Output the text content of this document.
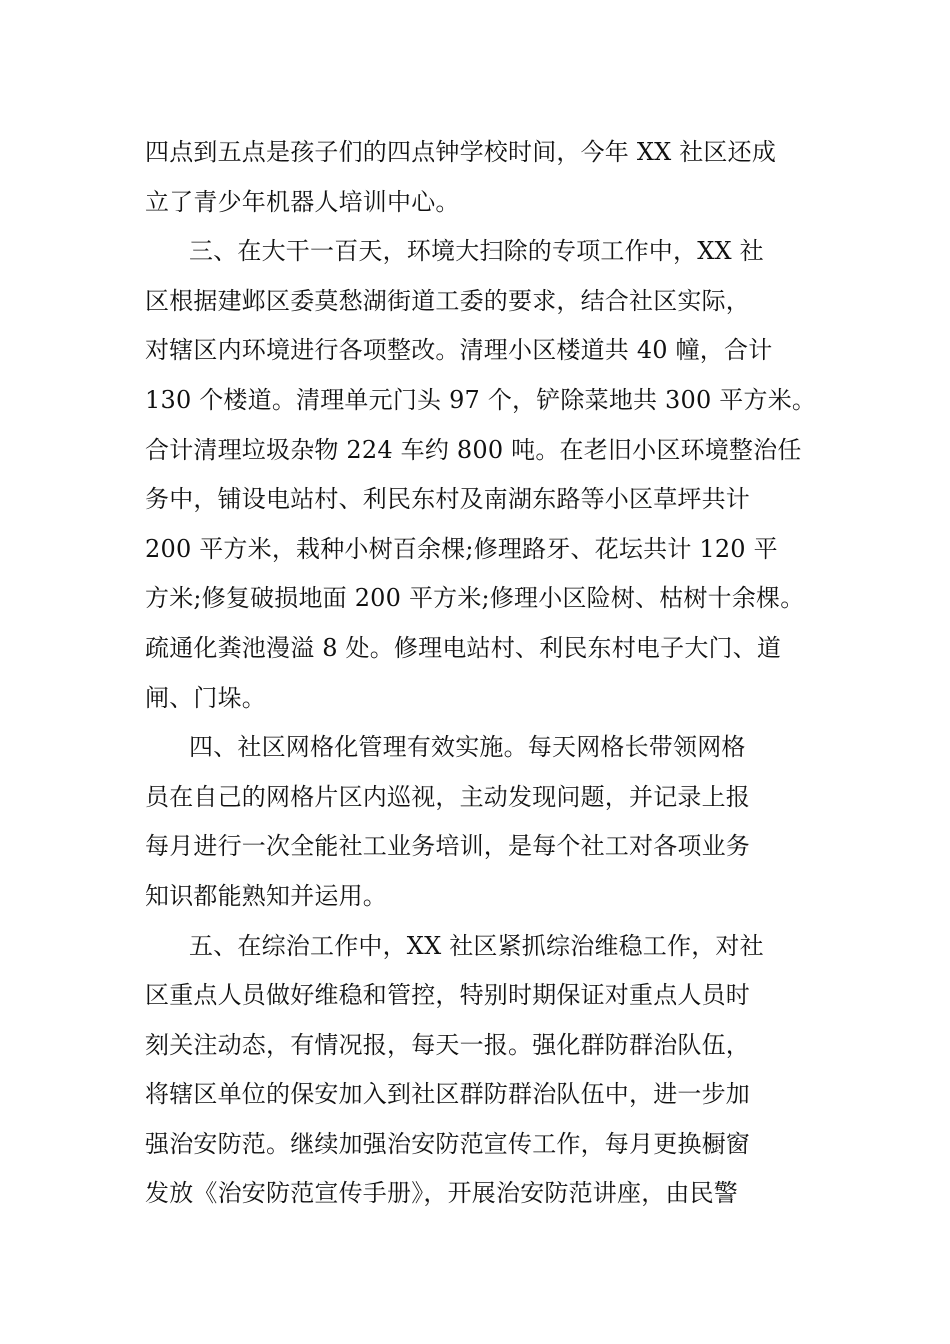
四点到五点是孩子们的四点钟学校时间，今年 XX 社区还成
立了青少年机器人培训中心。
三、在大干一百天，环境大扫除的专项工作中，XX 社
区根据建邺区委莫愁湖街道工委的要求，结合社区实际，
对辖区内环境进行各项整改。清理小区楼道共 40 幢，合计
130 个楼道。清理单元门头 97 个，铲除菜地共 300 平方米。
合计清理垃圾杂物 224 车约 800 吨。在老旧小区环境整治任
务中，铺设电站村、利民东村及南湖东路等小区草坪共计
200 平方米，栽种小树百余棵;修理路牙、花坛共计 120 平
方米;修复破损地面 200 平方米;修理小区险树、枯树十余棵。
疏通化粪池漫溢 8 处。修理电站村、利民东村电子大门、道
闸、门垛。
四、社区网格化管理有效实施。每天网格长带领网格
员在自己的网格片区内巡视，主动发现问题，并记录上报
每月进行一次全能社工业务培训，是每个社工对各项业务
知识都能熟知并运用。
五、在综治工作中，XX 社区紧抓综治维稳工作，对社
区重点人员做好维稳和管控，特别时期保证对重点人员时
刻关注动态，有情况报，每天一报。强化群防群治队伍，
将辖区单位的保安加入到社区群防群治队伍中，进一步加
强治安防范。继续加强治安防范宣传工作，每月更换橱窗
发放《治安防范宣传手册》，开展治安防范讲座，由民警
